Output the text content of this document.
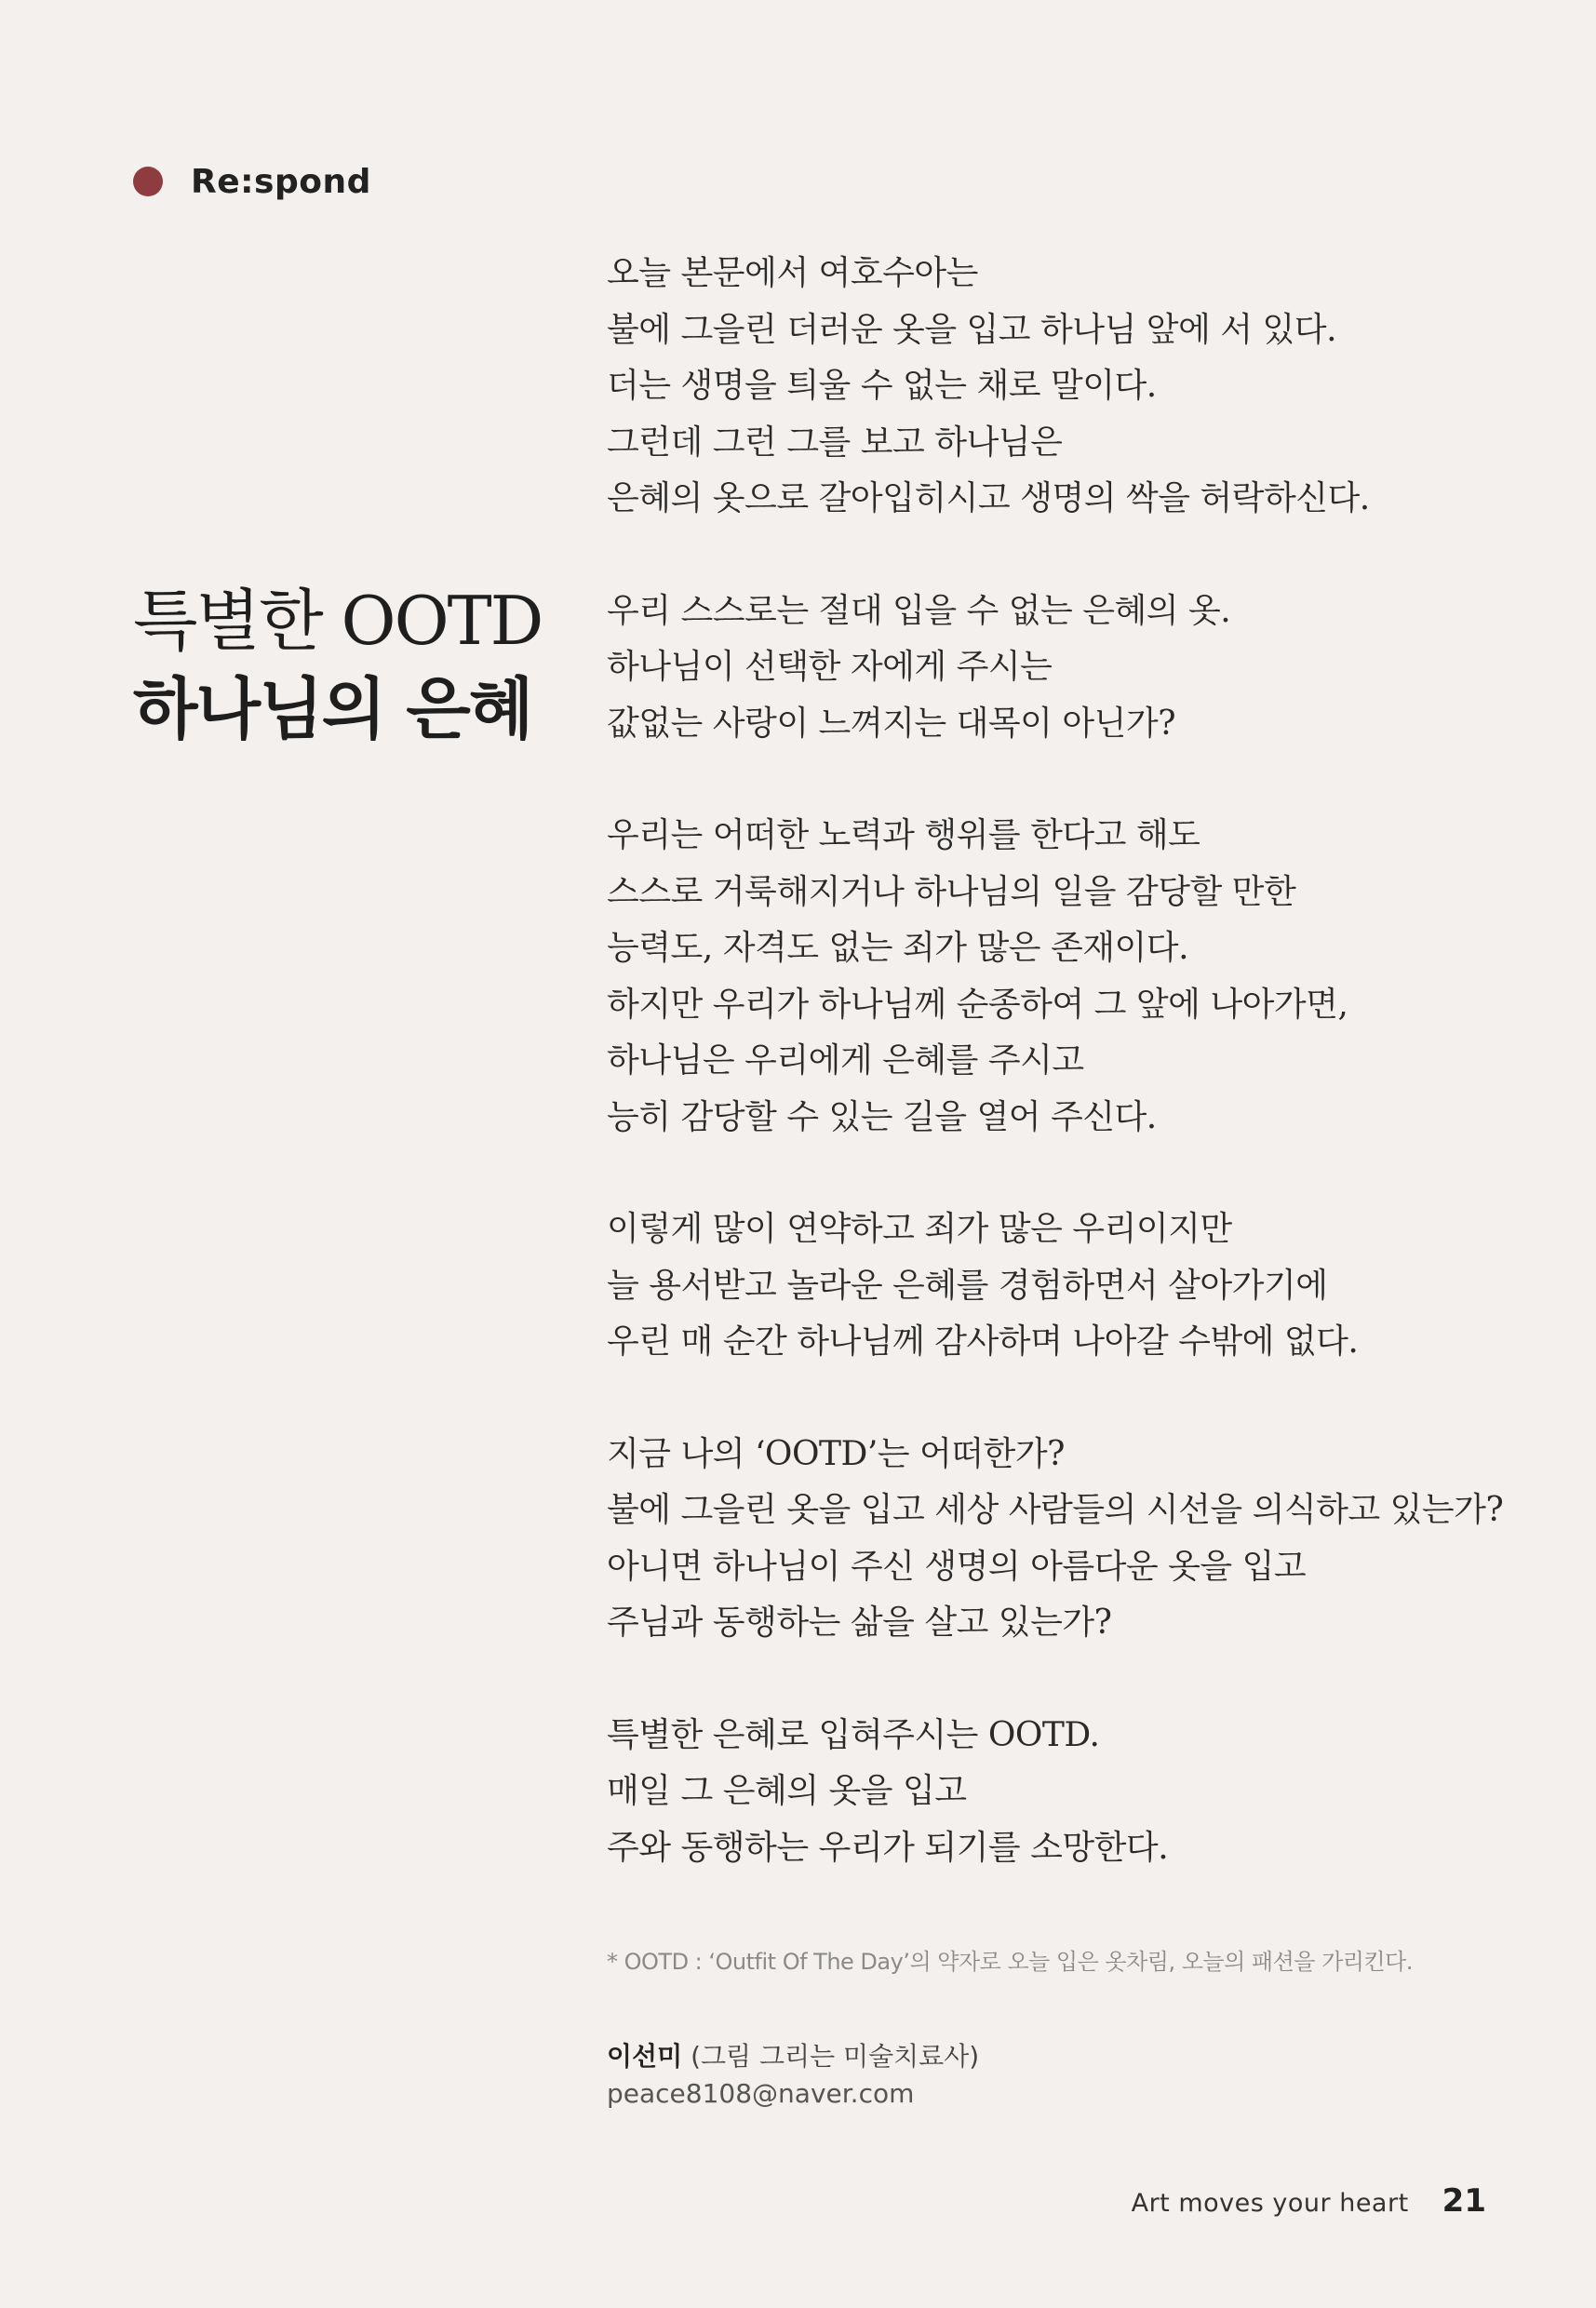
Re:spond
특별한 OOTD
하나님의 은혜
오늘 본문에서 여호수아는
불에 그을린 더러운 옷을 입고 하나님 앞에 서 있다.
더는 생명을 틔울 수 없는 채로 말이다.
그런데 그런 그를 보고 하나님은
은혜의 옷으로 갈아입히시고 생명의 싹을 허락하신다.
우리 스스로는 절대 입을 수 없는 은혜의 옷.
하나님이 선택한 자에게 주시는
값없는 사랑이 느껴지는 대목이 아닌가?
우리는 어떠한 노력과 행위를 한다고 해도
스스로 거룩해지거나 하나님의 일을 감당할 만한
능력도, 자격도 없는 죄가 많은 존재이다.
하지만 우리가 하나님께 순종하여 그 앞에 나아가면,
하나님은 우리에게 은혜를 주시고
능히 감당할 수 있는 길을 열어 주신다.
이렇게 많이 연약하고 죄가 많은 우리이지만
늘 용서받고 놀라운 은혜를 경험하면서 살아가기에
우린 매 순간 하나님께 감사하며 나아갈 수밖에 없다.
지금 나의 ‘OOTD’는 어떠한가?
불에 그을린 옷을 입고 세상 사람들의 시선을 의식하고 있는가?
아니면 하나님이 주신 생명의 아름다운 옷을 입고
주님과 동행하는 삶을 살고 있는가?
특별한 은혜로 입혀주시는 OOTD.
매일 그 은혜의 옷을 입고
주와 동행하는 우리가 되기를 소망한다.
* OOTD : ‘Outfit Of The Day’의 약자로 오늘 입은 옷차림, 오늘의 패션을 가리킨다.
이선미 (그림 그리는 미술치료사)
peace8108@naver.com
Art moves your heart 21
